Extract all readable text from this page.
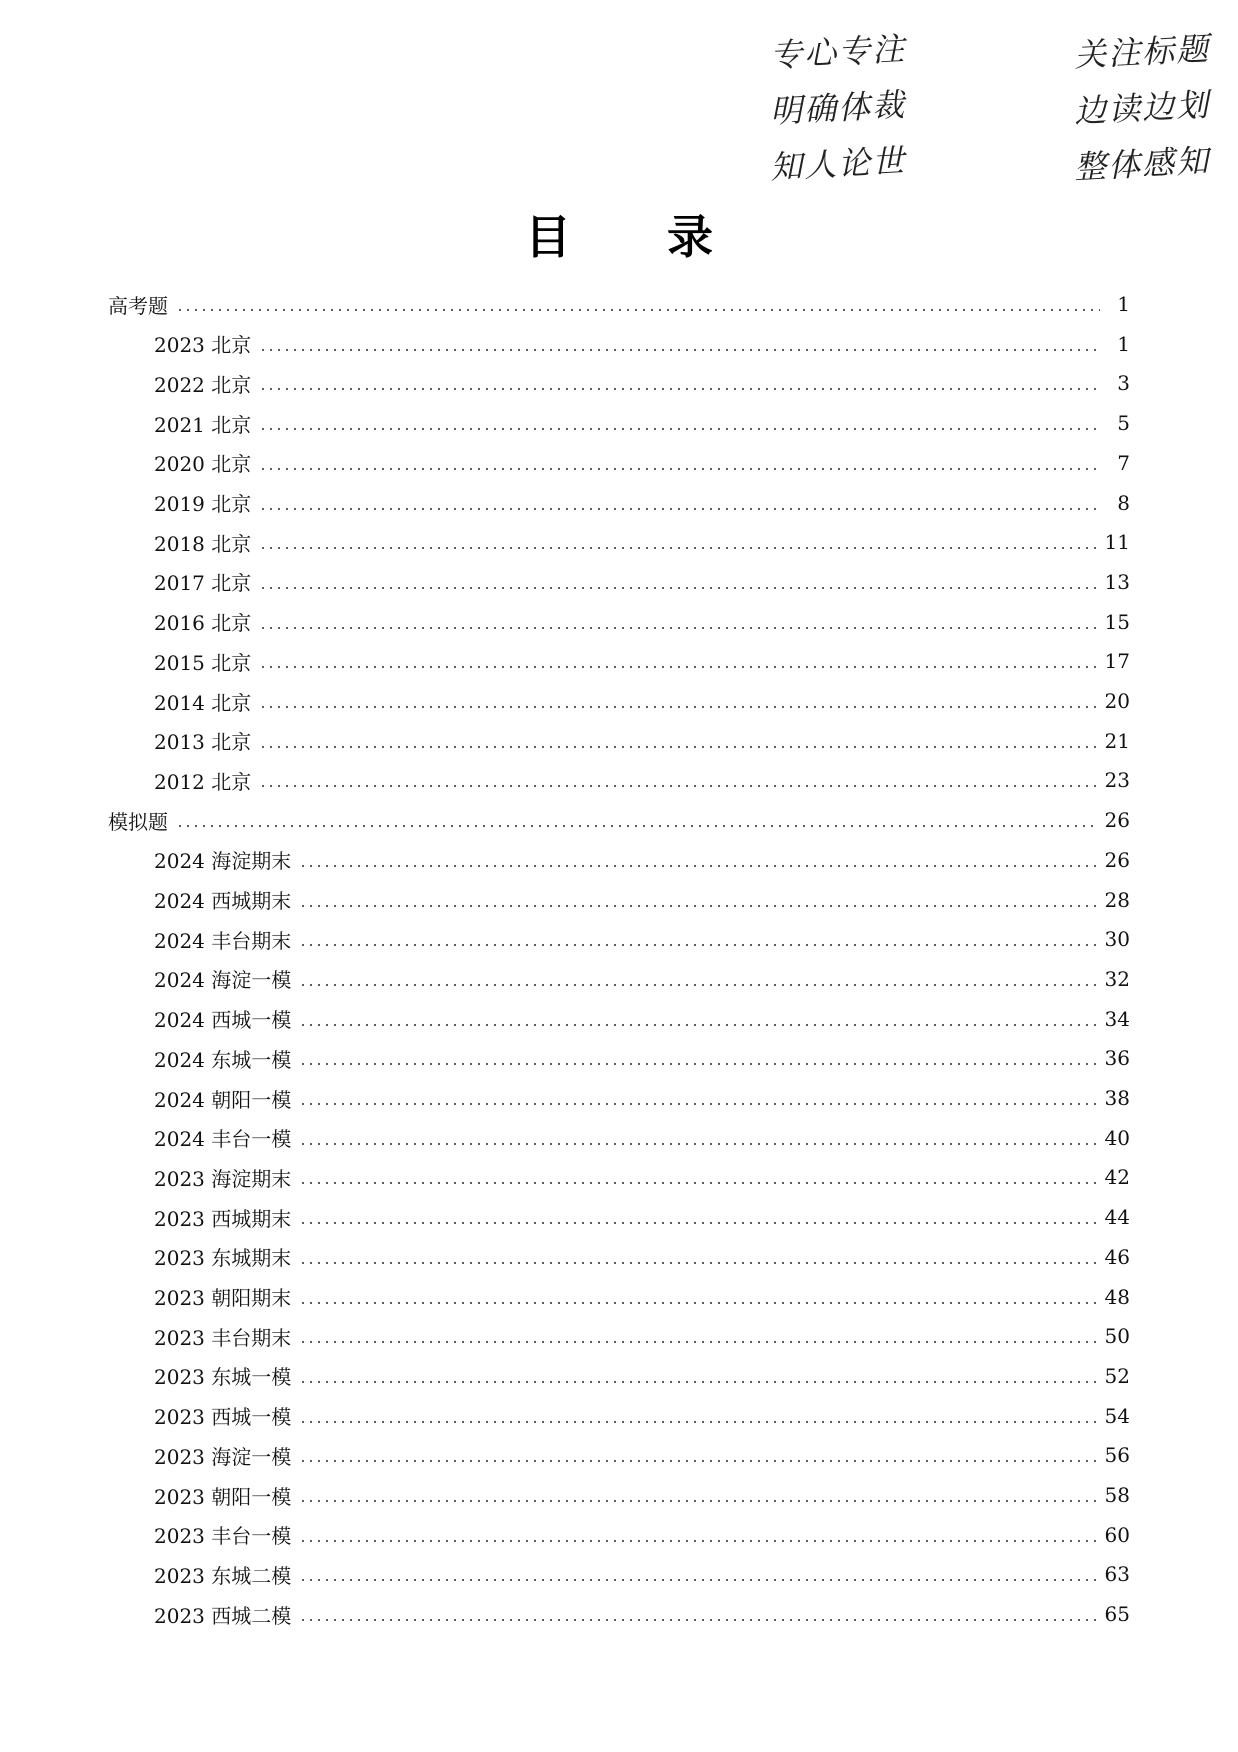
专心专注	关注标题
明确体裁	边读边划
知人论世	整体感知
目 录
高考题	1
2023 北京	1
2022 北京	3
2021 北京	5
2020 北京	7
2019 北京	8
2018 北京	11
2017 北京	13
2016 北京	15
2015 北京	17
2014 北京	20
2013 北京	21
2012 北京	23
模拟题	26
2024 海淀期末	26
2024 西城期末	28
2024 丰台期末	30
2024 海淀一模	32
2024 西城一模	34
2024 东城一模	36
2024 朝阳一模	38
2024 丰台一模	40
2023 海淀期末	42
2023 西城期末	44
2023 东城期末	46
2023 朝阳期末	48
2023 丰台期末	50
2023 东城一模	52
2023 西城一模	54
2023 海淀一模	56
2023 朝阳一模	58
2023 丰台一模	60
2023 东城二模	63
2023 西城二模	65
